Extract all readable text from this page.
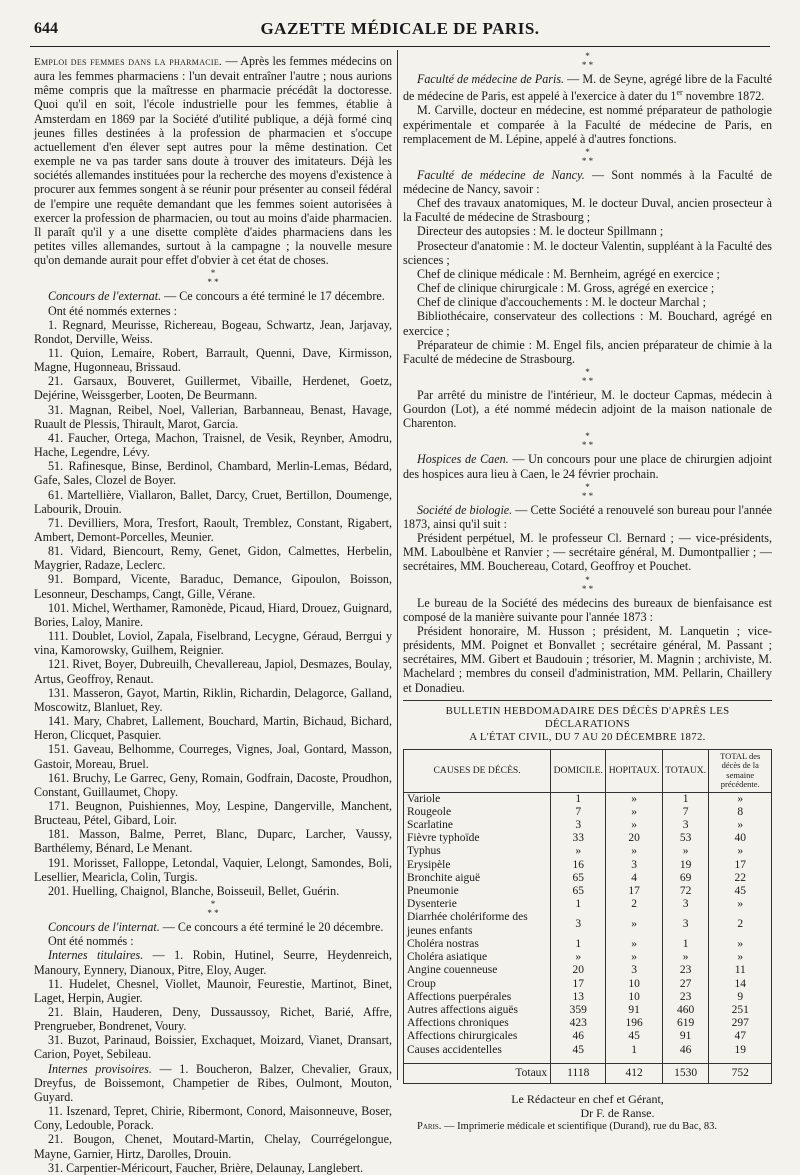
644	GAZETTE MÉDICALE DE PARIS.

Emploi des femmes dans la pharmacie. — Après les femmes médecins on aura les femmes pharmaciens : l'un devait entraîner l'autre ; nous aurions même compris que la maîtresse en pharmacie précédât la doctoresse. Quoi qu'il en soit, l'école industrielle pour les femmes, établie à Amsterdam en 1869 par la Société d'utilité publique, a déjà formé cinq jeunes filles destinées à la profession de pharmacien et s'occupe actuellement d'en élever sept autres pour la même destination. Cet exemple ne va pas tarder sans doute à trouver des imitateurs. Déjà les sociétés allemandes instituées pour la recherche des moyens d'existence à procurer aux femmes songent à se réunir pour présenter au conseil fédéral de l'empire une requête demandant que les femmes soient autorisées à exercer la profession de pharmacien, ou tout au moins d'aide pharmacien. Il paraît qu'il y a une disette complète d'aides pharmaciens dans les petites villes allemandes, surtout à la campagne ; la nouvelle mesure qu'on demande aurait pour effet d'obvier à cet état de choses.

*
* *

Concours de l'externat. — Ce concours a été terminé le 17 décembre.

Ont été nommés externes :

1. Regnard, Meurisse, Richereau, Bogeau, Schwartz, Jean, Jarjavay, Rondot, Derville, Weiss.

11. Quion, Lemaire, Robert, Barrault, Quenni, Dave, Kirmisson, Magne, Hugonneau, Brissaud.

21. Garsaux, Bouveret, Guillermet, Vibaille, Herdenet, Goetz, Dejérine, Weissgerber, Looten, De Beurmann.

31. Magnan, Reibel, Noel, Vallerian, Barbanneau, Benast, Havage, Ruault de Plessis, Thirault, Marot, Garcia.

41. Faucher, Ortega, Machon, Traisnel, de Vesik, Reynber, Amodru, Hache, Legendre, Lévy.

51. Rafinesque, Binse, Berdinol, Chambard, Merlin-Lemas, Bédard, Gafe, Sales, Clozel de Boyer.

61. Martellière, Viallaron, Ballet, Darcy, Cruet, Bertillon, Doumenge, Labourik, Drouin.

71. Devilliers, Mora, Tresfort, Raoult, Tremblez, Constant, Rigabert, Ambert, Demont-Porcelles, Meunier.

81. Vidard, Biencourt, Remy, Genet, Gidon, Calmettes, Herbelin, Maygrier, Radaze, Leclerc.

91. Bompard, Vicente, Baraduc, Demance, Gipoulon, Boisson, Lesonneur, Deschamps, Cangt, Gille, Vérane.

101. Michel, Werthamer, Ramonède, Picaud, Hiard, Drouez, Guignard, Bories, Laloy, Manire.

111. Doublet, Loviol, Zapala, Fiselbrand, Lecygne, Géraud, Berrgui y vina, Kamorowsky, Guilhem, Reignier.

121. Rivet, Boyer, Dubreuilh, Chevallereau, Japiol, Desmazes, Boulay, Artus, Geoffroy, Renaut.

131. Masseron, Gayot, Martin, Riklin, Richardin, Delagorce, Galland, Moscowitz, Blanluet, Rey.

141. Mary, Chabret, Lallement, Bouchard, Martin, Bichaud, Bichard, Heron, Clicquet, Pasquier.

151. Gaveau, Belhomme, Courreges, Vignes, Joal, Gontard, Masson, Gastoir, Moreau, Bruel.

161. Bruchy, Le Garrec, Geny, Romain, Godfrain, Dacoste, Proudhon, Constant, Guillaumet, Chopy.

171. Beugnon, Puishiennes, Moy, Lespine, Dangerville, Manchent, Bructeau, Pétel, Gibard, Loir.

181. Masson, Balme, Perret, Blanc, Duparc, Larcher, Vaussy, Barthélemy, Bénard, Le Menant.

191. Morisset, Falloppe, Letondal, Vaquier, Lelongt, Samondes, Boli, Lesellier, Mearicla, Colin, Turgis.

201. Huelling, Chaignol, Blanche, Boisseuil, Bellet, Guérin.

*
* *

Concours de l'internat. — Ce concours a été terminé le 20 décembre.

Ont été nommés :

Internes titulaires. — 1. Robin, Hutinel, Seurre, Heydenreich, Manoury, Eynnery, Dianoux, Pitre, Eloy, Auger.

11. Hudelet, Chesnel, Viollet, Maunoir, Feurestie, Martinot, Binet, Laget, Herpin, Augier.

21. Blain, Hauderen, Deny, Dussaussoy, Richet, Barié, Affre, Prengrueber, Bondrenet, Voury.

31. Buzot, Parinaud, Boissier, Exchaquet, Moizard, Vianet, Dransart, Carion, Poyet, Sebileau.

Internes provisoires. — 1. Boucheron, Balzer, Chevalier, Graux, Dreyfus, de Boissemont, Champetier de Ribes, Oulmont, Mouton, Guyard.

11. Iszenard, Tepret, Chirie, Ribermont, Conord, Maisonneuve, Boser, Cony, Ledouble, Porack.

21. Bougon, Chenet, Moutard-Martin, Chelay, Courrégelongue, Mayne, Garnier, Hirtz, Darolles, Drouin.

31. Carpentier-Méricourt, Faucher, Brière, Delaunay, Langlebert.

*
* *

Faculté de médecine de Paris. — M. de Seyne, agrégé libre de la Faculté de médecine de Paris, est appelé à l'exercice à dater du 1er novembre 1872.

M. Carville, docteur en médecine, est nommé préparateur de pathologie expérimentale et comparée à la Faculté de médecine de Paris, en remplacement de M. Lépine, appelé à d'autres fonctions.

*
* *

Faculté de médecine de Nancy. — Sont nommés à la Faculté de médecine de Nancy, savoir :

Chef des travaux anatomiques, M. le docteur Duval, ancien prosecteur à la Faculté de médecine de Strasbourg ;

Directeur des autopsies : M. le docteur Spillmann ;

Prosecteur d'anatomie : M. le docteur Valentin, suppléant à la Faculté des sciences ;

Chef de clinique médicale : M. Bernheim, agrégé en exercice ;

Chef de clinique chirurgicale : M. Gross, agrégé en exercice ;

Chef de clinique d'accouchements : M. le docteur Marchal ;

Bibliothécaire, conservateur des collections : M. Bouchard, agrégé en exercice ;

Préparateur de chimie : M. Engel fils, ancien préparateur de chimie à la Faculté de médecine de Strasbourg.

*
* *

Par arrêté du ministre de l'intérieur, M. le docteur Capmas, médecin à Gourdon (Lot), a été nommé médecin adjoint de la maison nationale de Charenton.

*
* *

Hospices de Caen. — Un concours pour une place de chirurgien adjoint des hospices aura lieu à Caen, le 24 février prochain.

*
* *

Société de biologie. — Cette Société a renouvelé son bureau pour l'année 1873, ainsi qu'il suit :

Président perpétuel, M. le professeur Cl. Bernard ; — vice-présidents, MM. Laboulbène et Ranvier ; — secrétaire général, M. Dumontpallier ; — secrétaires, MM. Bouchereau, Cotard, Geoffroy et Pouchet.

*
* *

Le bureau de la Société des médecins des bureaux de bienfaisance est composé de la manière suivante pour l'année 1873 :

Président honoraire, M. Husson ; président, M. Lanquetin ; vice-présidents, MM. Poignet et Bonvallet ; secrétaire général, M. Passant ; secrétaires, MM. Gibert et Baudouin ; trésorier, M. Magnin ; archiviste, M. Machelard ; membres du conseil d'administration, MM. Pellarin, Chaillery et Donadieu.

BULLETIN HEBDOMADAIRE DES DÉCÈS D'APRÈS LES DÉCLARATIONS
A L'ÉTAT CIVIL, DU 7 AU 20 DÉCEMBRE 1872.
CAUSES DE DÉCÈS.	DOMICILE.	HOPITAUX.	TOTAUX.	TOTAL des décès de la semaine précédente.
Variole	1	»	1	»
Rougeole	7	»	7	8
Scarlatine	3	»	3	»
Fièvre typhoïde	33	20	53	40
Typhus	»	»	»	»
Erysipèle	16	3	19	17
Bronchite aiguë	65	4	69	22
Pneumonie	65	17	72	45
Dysenterie	1	2	3	»
Diarrhée cholériforme des jeunes enfants	3	»	3	2
Choléra nostras	1	»	1	»
Choléra asiatique	»	»	»	»
Angine couenneuse	20	3	23	11
Croup	17	10	27	14
Affections puerpérales	13	10	23	9
Autres affections aiguës	359	91	460	251
Affections chroniques	423	196	619	297
Affections chirurgicales	46	45	91	47
Causes accidentelles	45	1	46	19

Totaux	1118	412	1530	752
Le Rédacteur en chef et Gérant,
Dr F. de Ranse.

Paris. — Imprimerie médicale et scientifique (Durand), rue du Bac, 83.
